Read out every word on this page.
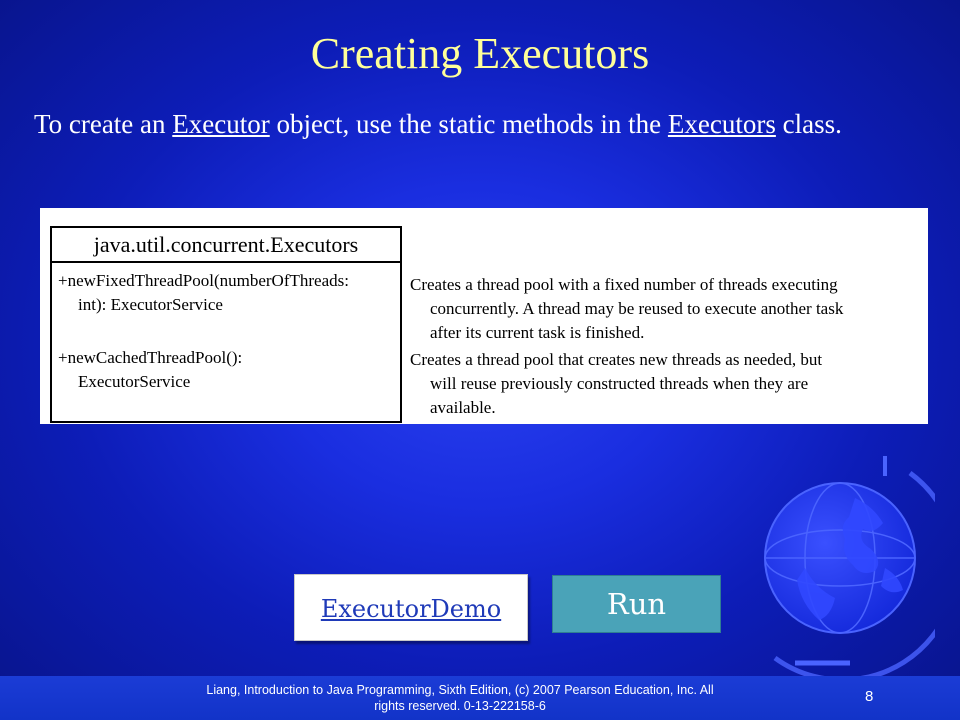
Creating Executors
To create an Executor object, use the static methods in the Executors class.
java.util.concurrent.Executors
+newFixedThreadPool(numberOfThreads:
int): ExecutorService
+newCachedThreadPool():
ExecutorService
Creates a thread pool with a fixed number of threads executing
concurrently. A thread may be reused to execute another task
after its current task is finished.
Creates a thread pool that creates new threads as needed, but
will reuse previously constructed threads when they are
available.
ExecutorDemo	Run
Liang, Introduction to Java Programming, Sixth Edition, (c) 2007 Pearson Education, Inc. All
rights reserved. 0-13-222158-6
8
